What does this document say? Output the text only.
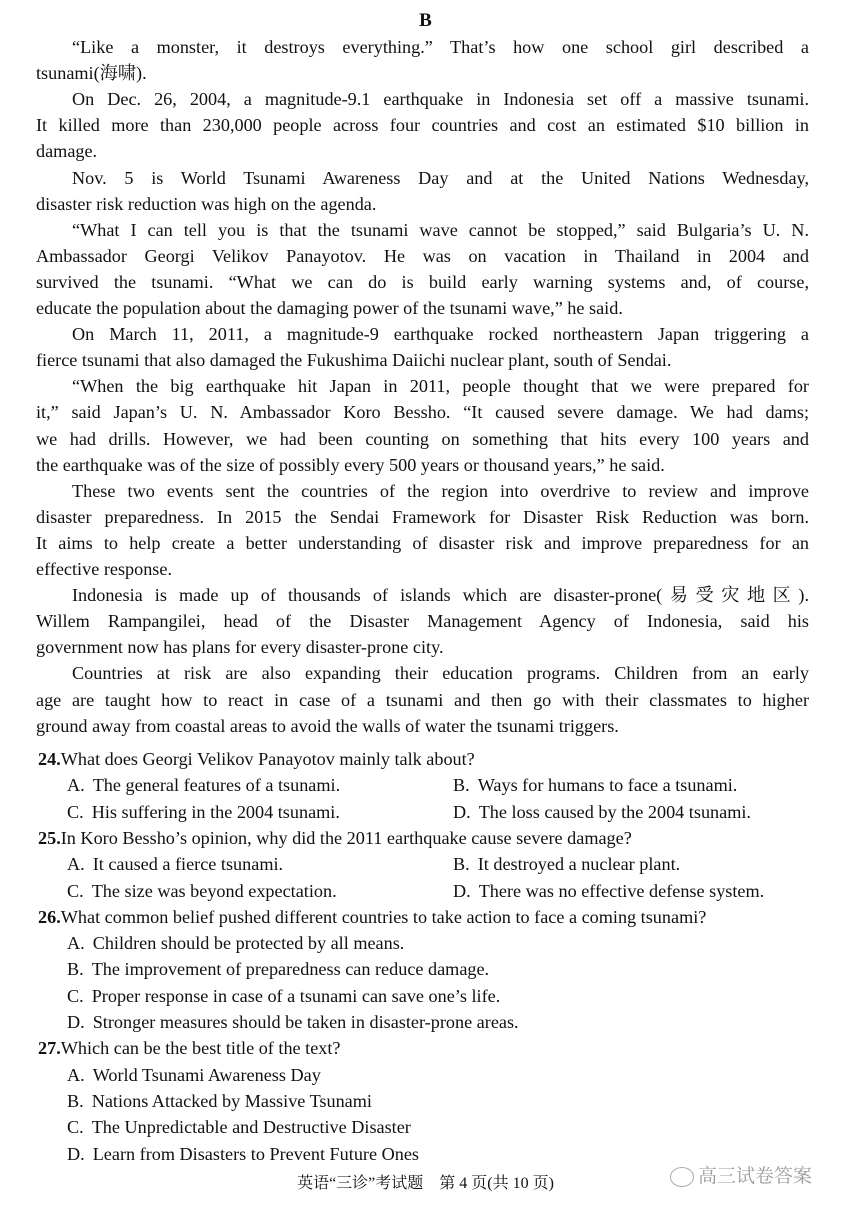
B
“Like a monster, it destroys everything.” That’s how one school girl described a
tsunami(海啸).
On Dec. 26, 2004, a magnitude-9.1 earthquake in Indonesia set off a massive tsunami.
It killed more than 230,000 people across four countries and cost an estimated $10 billion in
damage.
Nov. 5 is World Tsunami Awareness Day and at the United Nations Wednesday,
disaster risk reduction was high on the agenda.
“What I can tell you is that the tsunami wave cannot be stopped,” said Bulgaria’s U. N.
Ambassador Georgi Velikov Panayotov. He was on vacation in Thailand in 2004 and
survived the tsunami. “What we can do is build early warning systems and, of course,
educate the population about the damaging power of the tsunami wave,” he said.
On March 11, 2011, a magnitude-9 earthquake rocked northeastern Japan triggering a
fierce tsunami that also damaged the Fukushima Daiichi nuclear plant, south of Sendai.
“When the big earthquake hit Japan in 2011, people thought that we were prepared for
it,” said Japan’s U. N. Ambassador Koro Bessho. “It caused severe damage. We had dams;
we had drills. However, we had been counting on something that hits every 100 years and
the earthquake was of the size of possibly every 500 years or thousand years,” he said.
These two events sent the countries of the region into overdrive to review and improve
disaster preparedness. In 2015 the Sendai Framework for Disaster Risk Reduction was born.
It aims to help create a better understanding of disaster risk and improve preparedness for an
effective response.
Indonesia is made up of thousands of islands which are disaster-prone(易受灾地区).
Willem Rampangilei, head of the Disaster Management Agency of Indonesia, said his
government now has plans for every disaster-prone city.
Countries at risk are also expanding their education programs. Children from an early
age are taught how to react in case of a tsunami and then go with their classmates to higher
ground away from coastal areas to avoid the walls of water the tsunami triggers.
24.What does Georgi Velikov Panayotov mainly talk about?
A. The general features of a tsunami.	B. Ways for humans to face a tsunami.
C. His suffering in the 2004 tsunami.	D. The loss caused by the 2004 tsunami.
25.In Koro Bessho’s opinion, why did the 2011 earthquake cause severe damage?
A. It caused a fierce tsunami.	B. It destroyed a nuclear plant.
C. The size was beyond expectation.	D. There was no effective defense system.
26.What common belief pushed different countries to take action to face a coming tsunami?
A. Children should be protected by all means.
B. The improvement of preparedness can reduce damage.
C. Proper response in case of a tsunami can save one’s life.
D. Stronger measures should be taken in disaster-prone areas.
27.Which can be the best title of the text?
A. World Tsunami Awareness Day
B. Nations Attacked by Massive Tsunami
C. The Unpredictable and Destructive Disaster
D. Learn from Disasters to Prevent Future Ones
英语“三诊”考试题　第 4 页(共 10 页)	高三试卷答案
